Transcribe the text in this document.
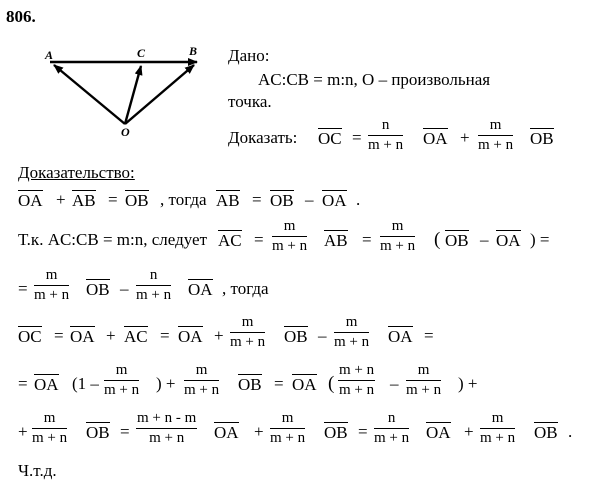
806.
A	C	B
O
Дано:
AC:CB = m:n, O – произвольная
точка.
Доказать: OC = $\frac{n}{m + n}$ OA + $\frac{m}{m + n}$ OB
Доказательство:
OA + AB = OB , тогда AB = OB – OA .
Т.к. AC:CB = m:n, следует AC = $\frac{m}{m + n}$ AB = $\frac{m}{m + n}$ ( OB – OA ) =
= $\frac{m}{m + n}$ OB – $\frac{n}{m + n}$ OA , тогда
OC = OA + AC = OA + $\frac{m}{m + n}$ OB – $\frac{m}{m + n}$ OA =
= OA ($1 - \frac{m}{m + n}$ ) + $\frac{m}{m + n}$ OB = OA ( $\frac{m + n}{m + n} - \frac{m}{m + n}$ ) +
+ $\frac{m}{m + n}$ OB = $\frac{m + n - m}{m + n}$ OA + $\frac{m}{m + n}$ OB = $\frac{n}{m + n}$ OA + $\frac{m}{m + n}$ OB .
Ч.т.д.
